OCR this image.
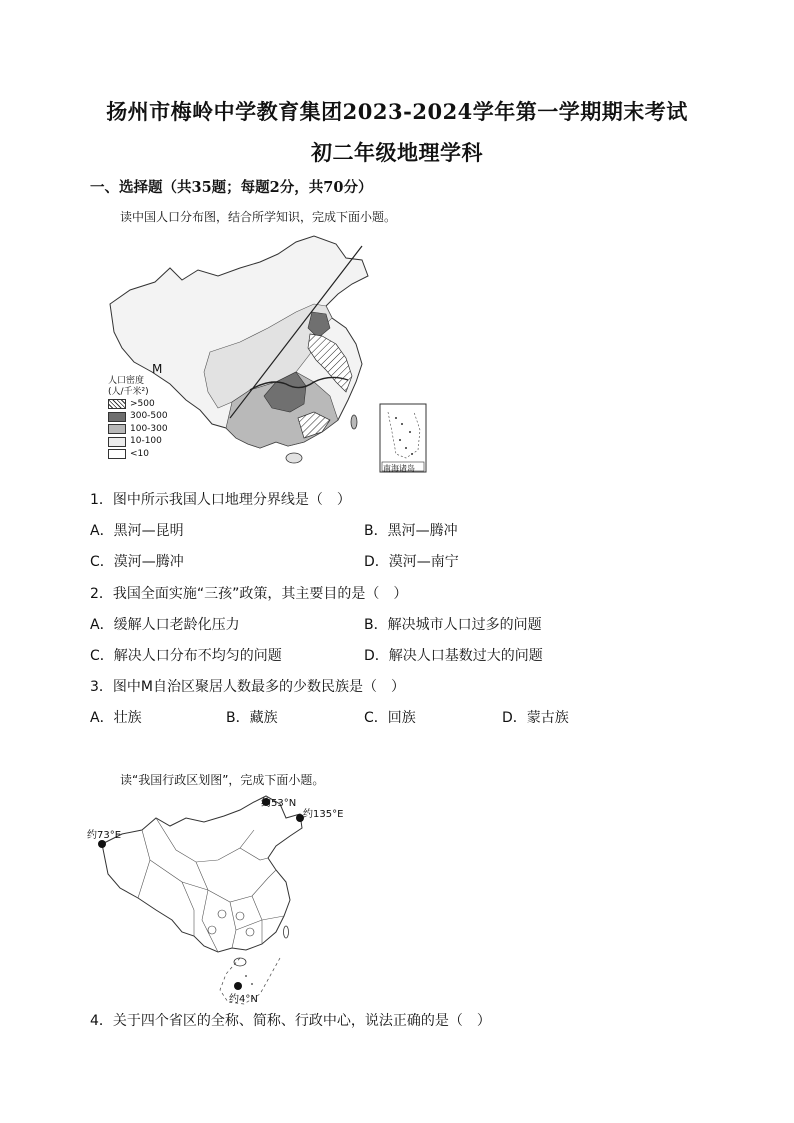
扬州市梅岭中学教育集团2023-2024学年第一学期期末考试
初二年级地理学科
一、选择题（共35题；每题2分，共70分）
读中国人口分布图，结合所学知识，完成下面小题。
M
南海诸岛
人口密度
(人/千米²)
>500
300-500
100-300
10-100
<10
1．图中所示我国人口地理分界线是（　）
A．黑河—昆明	B．黑河—腾冲
C．漠河—腾冲	D．漠河—南宁
2．我国全面实施“三孩”政策，其主要目的是（　）
A．缓解人口老龄化压力	B．解决城市人口过多的问题
C．解决人口分布不均匀的问题	D．解决人口基数过大的问题
3．图中M自治区聚居人数最多的少数民族是（　）
A．壮族	B．藏族	C．回族	D．蒙古族
读“我国行政区划图”，完成下面小题。
约53°N
约135°E
约73°E
约4°N
4．关于四个省区的全称、简称、行政中心，说法正确的是（　）
